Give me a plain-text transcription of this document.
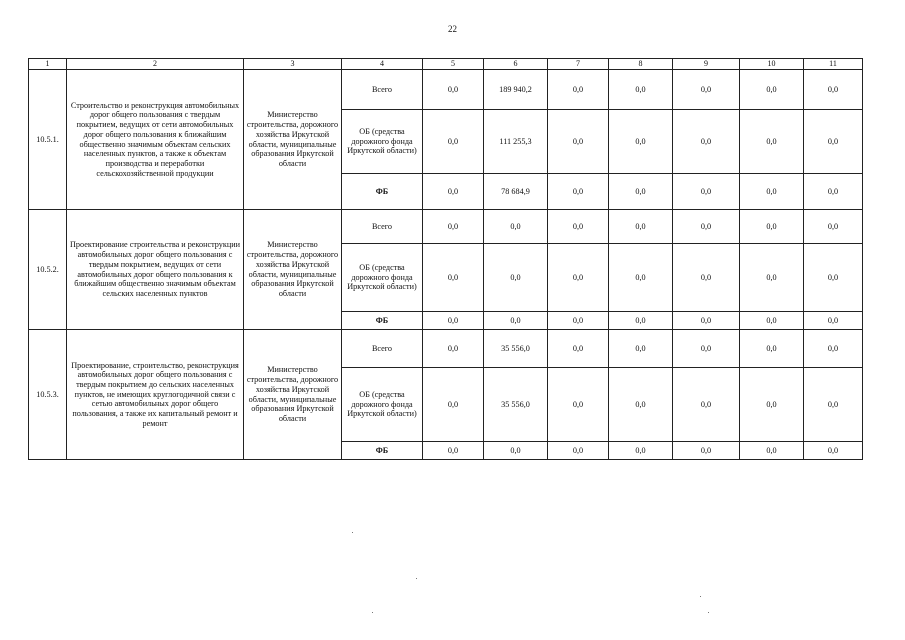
22
1	2	3	4	5	6	7	8	9	10	11
10.5.1.	Строительство и реконструкция автомобильных дорог общего пользования с твердым покрытием, ведущих от сети автомобильных дорог общего пользования к ближайшим общественно значимым объектам сельских населенных пунктов, а также к объектам производства и переработки сельскохозяйственной продукции	Министерство строительства, дорожного хозяйства Иркутской области, муниципальные образования Иркутской области	Всего	0,0	189 940,2	0,0	0,0	0,0	0,0	0,0
			ОБ (средства дорожного фонда Иркутской области)	0,0	111 255,3	0,0	0,0	0,0	0,0	0,0
			ФБ	0,0	78 684,9	0,0	0,0	0,0	0,0	0,0
10.5.2.	Проектирование строительства и реконструкции автомобильных дорог общего пользования с твердым покрытием, ведущих от сети автомобильных дорог общего пользования к ближайшим общественно значимым объектам сельских населенных пунктов	Министерство строительства, дорожного хозяйства Иркутской области, муниципальные образования Иркутской области	Всего	0,0	0,0	0,0	0,0	0,0	0,0	0,0
			ОБ (средства дорожного фонда Иркутской области)	0,0	0,0	0,0	0,0	0,0	0,0	0,0
			ФБ	0,0	0,0	0,0	0,0	0,0	0,0	0,0
10.5.3.	Проектирование, строительство, реконструкция автомобильных дорог общего пользования с твердым покрытием до сельских населенных пунктов, не имеющих круглогодичной связи с сетью автомобильных дорог общего пользования, а также их капитальный ремонт и ремонт	Министерство строительства, дорожного хозяйства Иркутской области, муниципальные образования Иркутской области	Всего	0,0	35 556,0	0,0	0,0	0,0	0,0	0,0
			ОБ (средства дорожного фонда Иркутской области)	0,0	35 556,0	0,0	0,0	0,0	0,0	0,0
			ФБ	0,0	0,0	0,0	0,0	0,0	0,0	0,0
